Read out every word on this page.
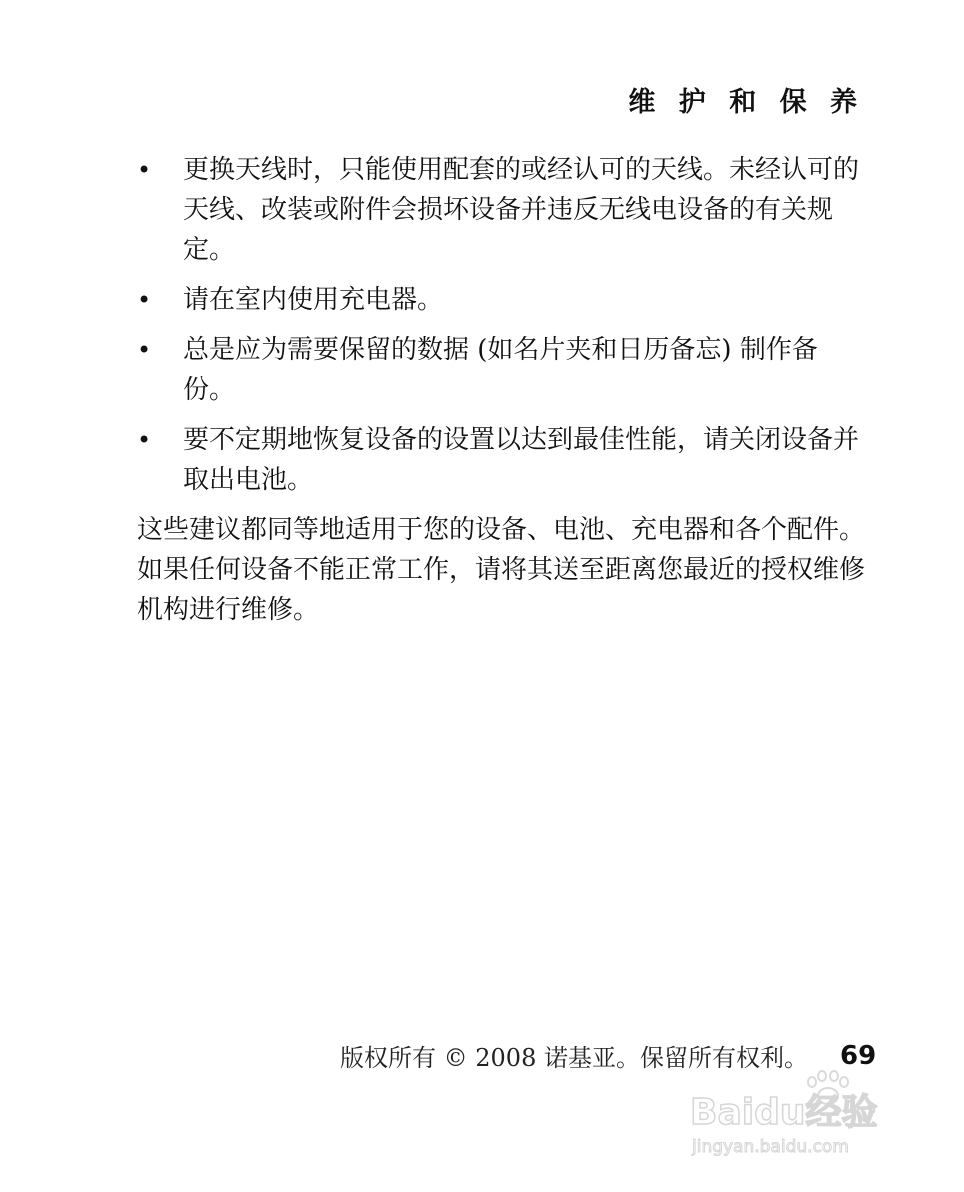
维 护 和 保 养
• 更换天线时，只能使用配套的或经认可的天线。未经认可的天线、改装或附件会损坏设备并违反无线电设备的有关规定。
• 请在室内使用充电器。
• 总是应为需要保留的数据 (如名片夹和日历备忘) 制作备份。
• 要不定期地恢复设备的设置以达到最佳性能，请关闭设备并取出电池。

这些建议都同等地适用于您的设备、电池、充电器和各个配件。如果任何设备不能正常工作，请将其送至距离您最近的授权维修机构进行维修。

版权所有 © 2008 诺基亚。保留所有权利。 69
Baidu经验
jingyan.baidu.com
